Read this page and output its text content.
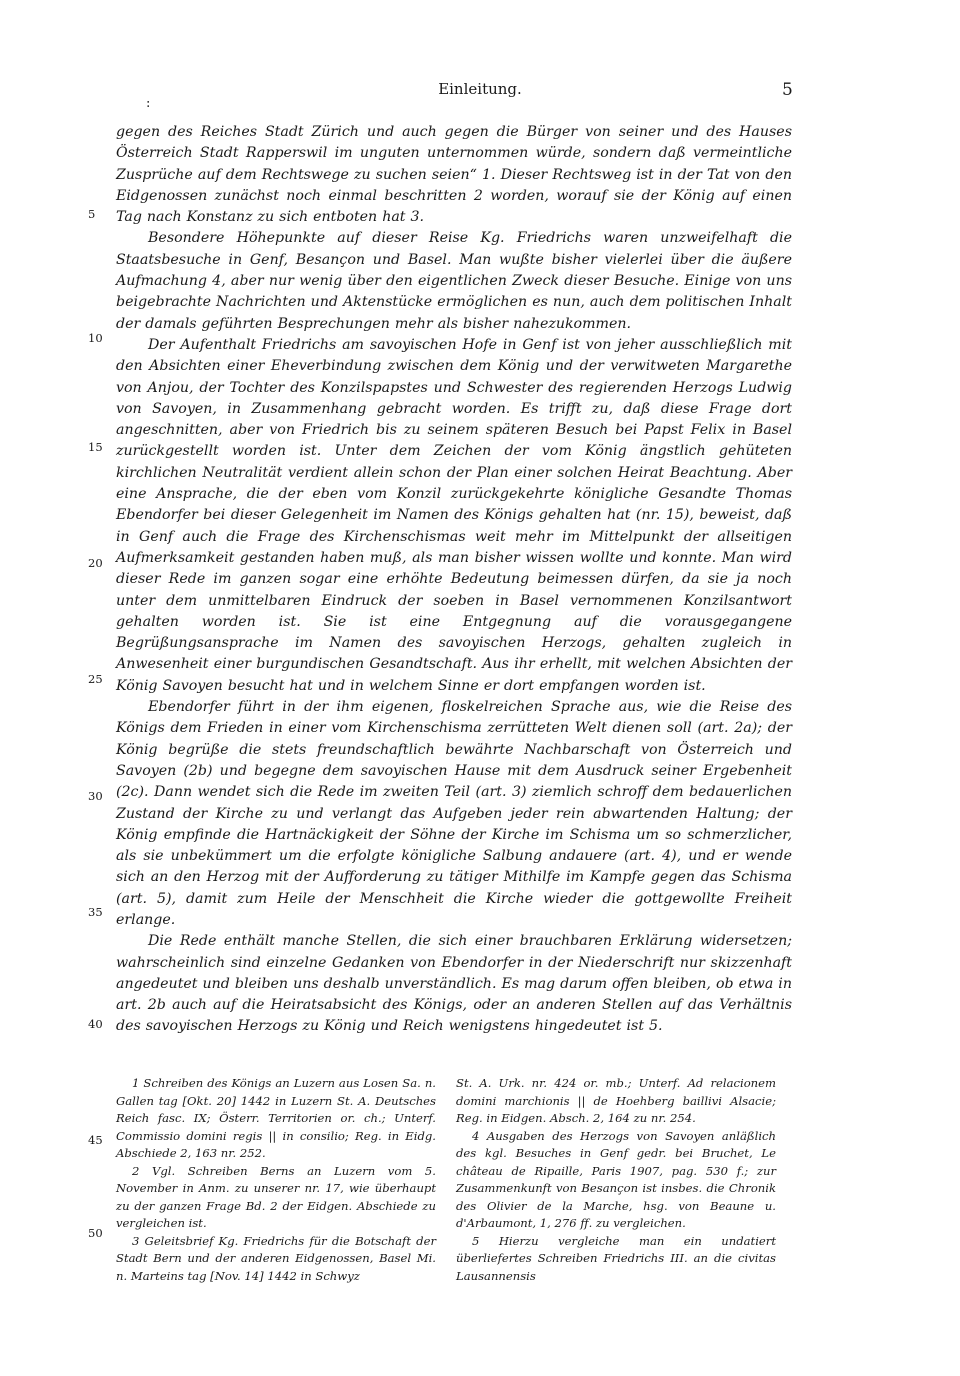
Einleitung.	5
:
5
10
15
20
25
30
35
40
45
50

gegen des Reiches Stadt Zürich und auch gegen die Bürger von seiner und des Hauses Österreich Stadt Rapperswil im unguten unternommen würde, sondern daß vermeintliche Zusprüche auf dem Rechtswege zu suchen seien“ 1. Dieser Rechtsweg ist in der Tat von den Eidgenossen zunächst noch einmal beschritten 2 worden, worauf sie der König auf einen Tag nach Konstanz zu sich entboten hat 3.

Besondere Höhepunkte auf dieser Reise Kg. Friedrichs waren unzweifelhaft die Staatsbesuche in Genf, Besançon und Basel. Man wußte bisher vielerlei über die äußere Aufmachung 4, aber nur wenig über den eigentlichen Zweck dieser Besuche. Einige von uns beigebrachte Nachrichten und Aktenstücke ermöglichen es nun, auch dem politischen Inhalt der damals geführten Besprechungen mehr als bisher nahezukommen.

Der Aufenthalt Friedrichs am savoyischen Hofe in Genf ist von jeher ausschließlich mit den Absichten einer Eheverbindung zwischen dem König und der verwitweten Margarethe von Anjou, der Tochter des Konzilspapstes und Schwester des regierenden Herzogs Ludwig von Savoyen, in Zusammenhang gebracht worden. Es trifft zu, daß diese Frage dort angeschnitten, aber von Friedrich bis zu seinem späteren Besuch bei Papst Felix in Basel zurückgestellt worden ist. Unter dem Zeichen der vom König ängstlich gehüteten kirchlichen Neutralität verdient allein schon der Plan einer solchen Heirat Beachtung. Aber eine Ansprache, die der eben vom Konzil zurückgekehrte königliche Gesandte Thomas Ebendorfer bei dieser Gelegenheit im Namen des Königs gehalten hat (nr. 15), beweist, daß in Genf auch die Frage des Kirchenschismas weit mehr im Mittelpunkt der allseitigen Aufmerksamkeit gestanden haben muß, als man bisher wissen wollte und konnte. Man wird dieser Rede im ganzen sogar eine erhöhte Bedeutung beimessen dürfen, da sie ja noch unter dem unmittelbaren Eindruck der soeben in Basel vernommenen Konzilsantwort gehalten worden ist. Sie ist eine Entgegnung auf die vorausgegangene Begrüßungsansprache im Namen des savoyischen Herzogs, gehalten zugleich in Anwesenheit einer burgundischen Gesandtschaft. Aus ihr erhellt, mit welchen Absichten der König Savoyen besucht hat und in welchem Sinne er dort empfangen worden ist.

Ebendorfer führt in der ihm eigenen, floskelreichen Sprache aus, wie die Reise des Königs dem Frieden in einer vom Kirchenschisma zerrütteten Welt dienen soll (art. 2a); der König begrüße die stets freundschaftlich bewährte Nachbarschaft von Österreich und Savoyen (2b) und begegne dem savoyischen Hause mit dem Ausdruck seiner Ergebenheit (2c). Dann wendet sich die Rede im zweiten Teil (art. 3) ziemlich schroff dem bedauerlichen Zustand der Kirche zu und verlangt das Aufgeben jeder rein abwartenden Haltung; der König empfinde die Hartnäckigkeit der Söhne der Kirche im Schisma um so schmerzlicher, als sie unbekümmert um die erfolgte königliche Salbung andauere (art. 4), und er wende sich an den Herzog mit der Aufforderung zu tätiger Mithilfe im Kampfe gegen das Schisma (art. 5), damit zum Heile der Menschheit die Kirche wieder die gottgewollte Freiheit erlange.

Die Rede enthält manche Stellen, die sich einer brauchbaren Erklärung widersetzen; wahrscheinlich sind einzelne Gedanken von Ebendorfer in der Niederschrift nur skizzenhaft angedeutet und bleiben uns deshalb unverständlich. Es mag darum offen bleiben, ob etwa in art. 2b auch auf die Heiratsabsicht des Königs, oder an anderen Stellen auf das Verhältnis des savoyischen Herzogs zu König und Reich wenigstens hingedeutet ist 5.

1 Schreiben des Königs an Luzern aus Losen Sa. n. Gallen tag [Okt. 20] 1442 in Luzern St. A. Deutsches Reich fasc. IX; Österr. Territorien or. ch.; Unterf. Commissio domini regis || in consilio; Reg. in Eidg. Abschiede 2, 163 nr. 252.

2 Vgl. Schreiben Berns an Luzern vom 5. November in Anm. zu unserer nr. 17, wie überhaupt zu der ganzen Frage Bd. 2 der Eidgen. Abschiede zu vergleichen ist.

3 Geleitsbrief Kg. Friedrichs für die Botschaft der Stadt Bern und der anderen Eidgenossen, Basel Mi. n. Marteins tag [Nov. 14] 1442 in Schwyz

St. A. Urk. nr. 424 or. mb.; Unterf. Ad relacionem domini marchionis || de Hoehberg baillivi Alsacie; Reg. in Eidgen. Absch. 2, 164 zu nr. 254.

4 Ausgaben des Herzogs von Savoyen anläßlich des kgl. Besuches in Genf gedr. bei Bruchet, Le château de Ripaille, Paris 1907, pag. 530 f.; zur Zusammenkunft von Besançon ist insbes. die Chronik des Olivier de la Marche, hsg. von Beaune u. d'Arbaumont, 1, 276 ff. zu vergleichen.

5 Hierzu vergleiche man ein undatiert überliefertes Schreiben Friedrichs III. an die civitas Lausannensis
